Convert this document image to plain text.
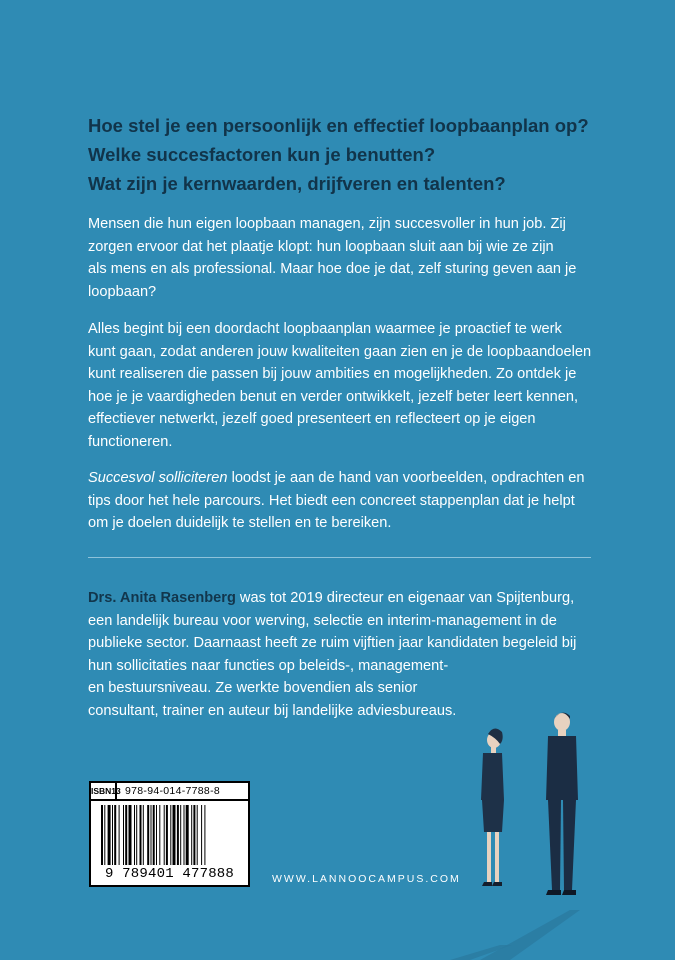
Hoe stel je een persoonlijk en effectief loopbaanplan op?
Welke succesfactoren kun je benutten?
Wat zijn je kernwaarden, drijfveren en talenten?
Mensen die hun eigen loopbaan managen, zijn succesvoller in hun job. Zij
zorgen ervoor dat het plaatje klopt: hun loopbaan sluit aan bij wie ze zijn
als mens en als professional. Maar hoe doe je dat, zelf sturing geven aan je
loopbaan?
Alles begint bij een doordacht loopbaanplan waarmee je proactief te werk
kunt gaan, zodat anderen jouw kwaliteiten gaan zien en je de loopbaandoelen
kunt realiseren die passen bij jouw ambities en mogelijkheden. Zo ontdek je
hoe je je vaardigheden benut en verder ontwikkelt, jezelf beter leert kennen,
effectiever netwerkt, jezelf goed presenteert en reflecteert op je eigen
functioneren.
Succesvol solliciteren loodst je aan de hand van voorbeelden, opdrachten en
tips door het hele parcours. Het biedt een concreet stappenplan dat je helpt
om je doelen duidelijk te stellen en te bereiken.
Drs. Anita Rasenberg was tot 2019 directeur en eigenaar van Spijtenburg,
een landelijk bureau voor werving, selectie en interim-management in de
publieke sector. Daarnaast heeft ze ruim vijftien jaar kandidaten begeleid bij
hun sollicitaties naar functies op beleids-, management-
en bestuursniveau. Ze werkte bovendien als senior
consultant, trainer en auteur bij landelijke adviesbureaus.
ISBN13 978-94-014-7788-8
9 789401 477888	WWW.LANNOOCAMPUS.COM
